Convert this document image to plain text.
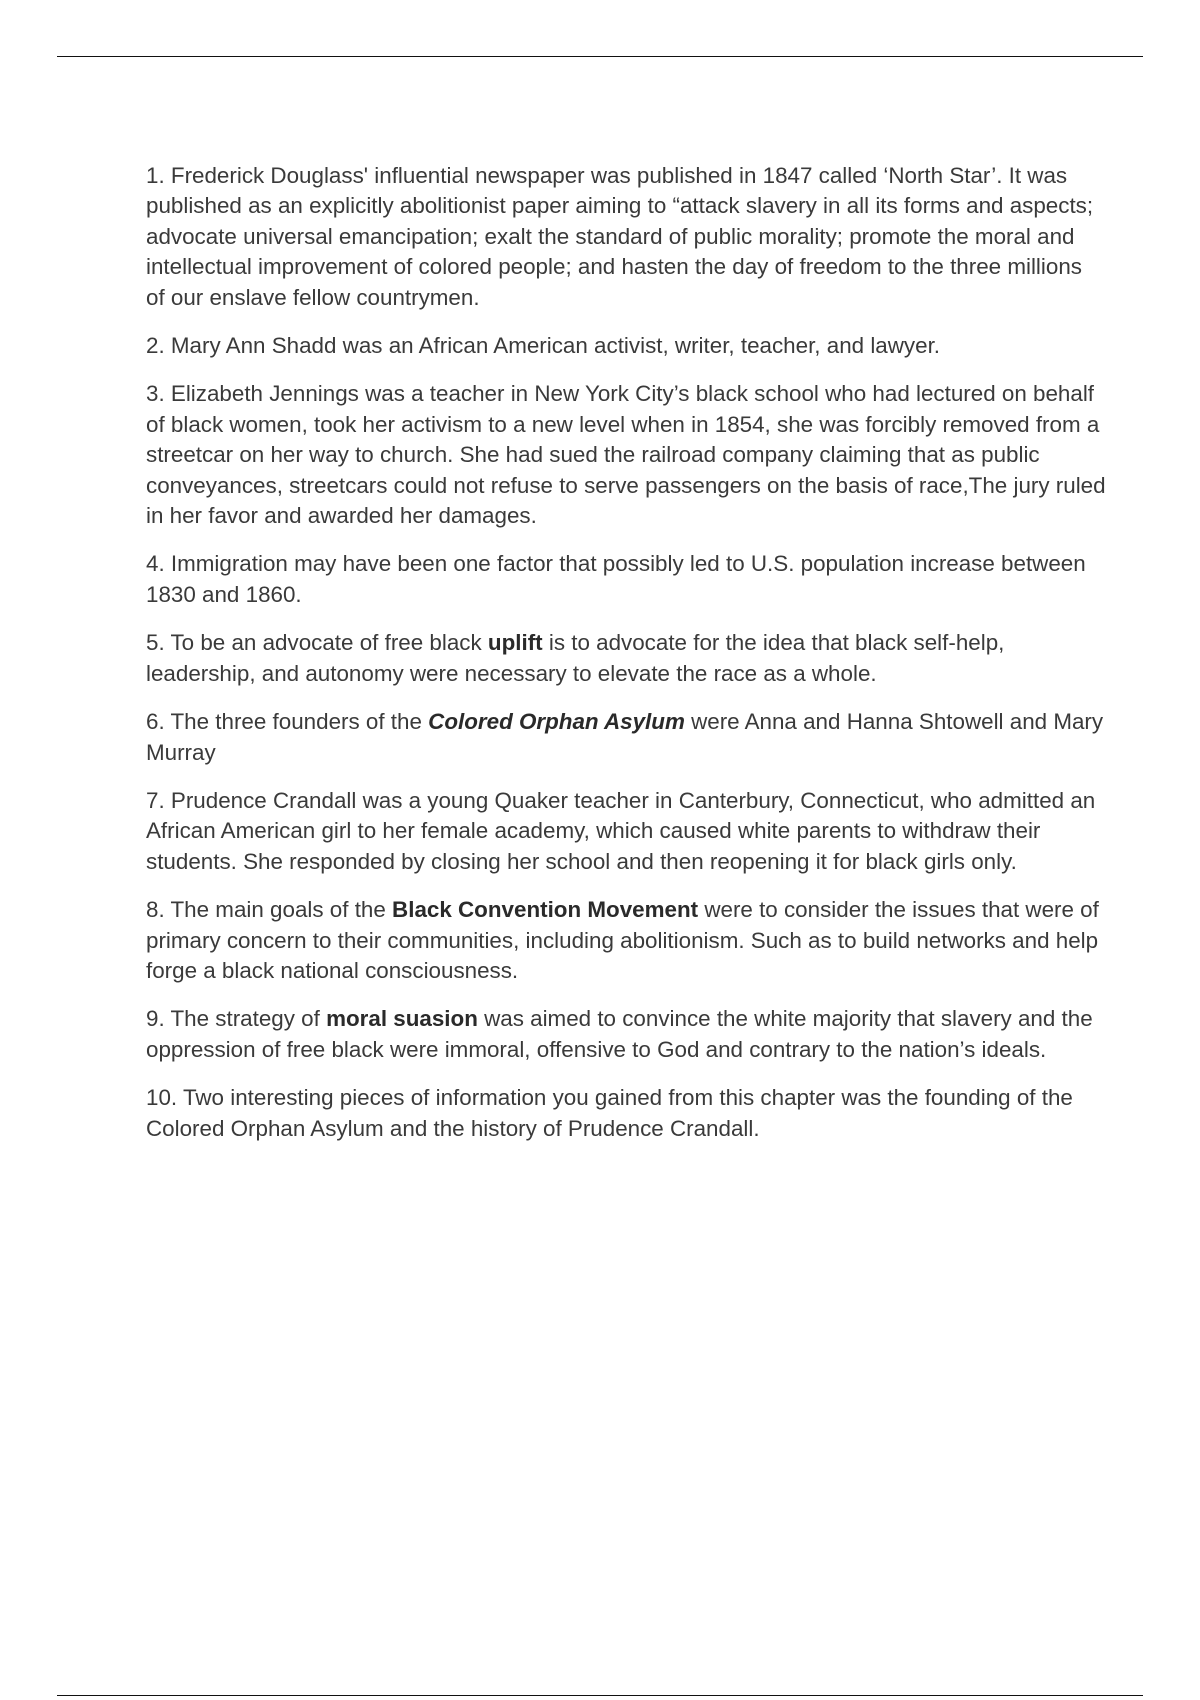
1. Frederick Douglass' influential newspaper was published in 1847 called ‘North Star’. It was published as an explicitly abolitionist paper aiming to “attack slavery in all its forms and aspects; advocate universal emancipation; exalt the standard of public morality; promote the moral and intellectual improvement of colored people; and hasten the day of freedom to the three millions of our enslave fellow countrymen.

2. Mary Ann Shadd was an African American activist, writer, teacher, and lawyer.

3. Elizabeth Jennings was a teacher in New York City’s black school who had lectured on behalf of black women, took her activism to a new level when in 1854, she was forcibly removed from a streetcar on her way to church. She had sued the railroad company claiming that as public conveyances, streetcars could not refuse to serve passengers on the basis of race,The jury ruled in her favor and awarded her damages.

4. Immigration may have been one factor that possibly led to U.S. population increase between 1830 and 1860.

5. To be an advocate of free black uplift is to advocate for the idea that black self-help, leadership, and autonomy were necessary to elevate the race as a whole.

6. The three founders of the Colored Orphan Asylum were Anna and Hanna Shtowell and Mary Murray

7. Prudence Crandall was a young Quaker teacher in Canterbury, Connecticut, who admitted an African American girl to her female academy, which caused white parents to withdraw their students. She responded by closing her school and then reopening it for black girls only.

8. The main goals of the Black Convention Movement were to consider the issues that were of primary concern to their communities, including abolitionism. Such as to build networks and help forge a black national consciousness.

9. The strategy of moral suasion was aimed to convince the white majority that slavery and the oppression of free black were immoral, offensive to God and contrary to the nation’s ideals.

10. Two interesting pieces of information you gained from this chapter was the founding of the Colored Orphan Asylum and the history of Prudence Crandall.
